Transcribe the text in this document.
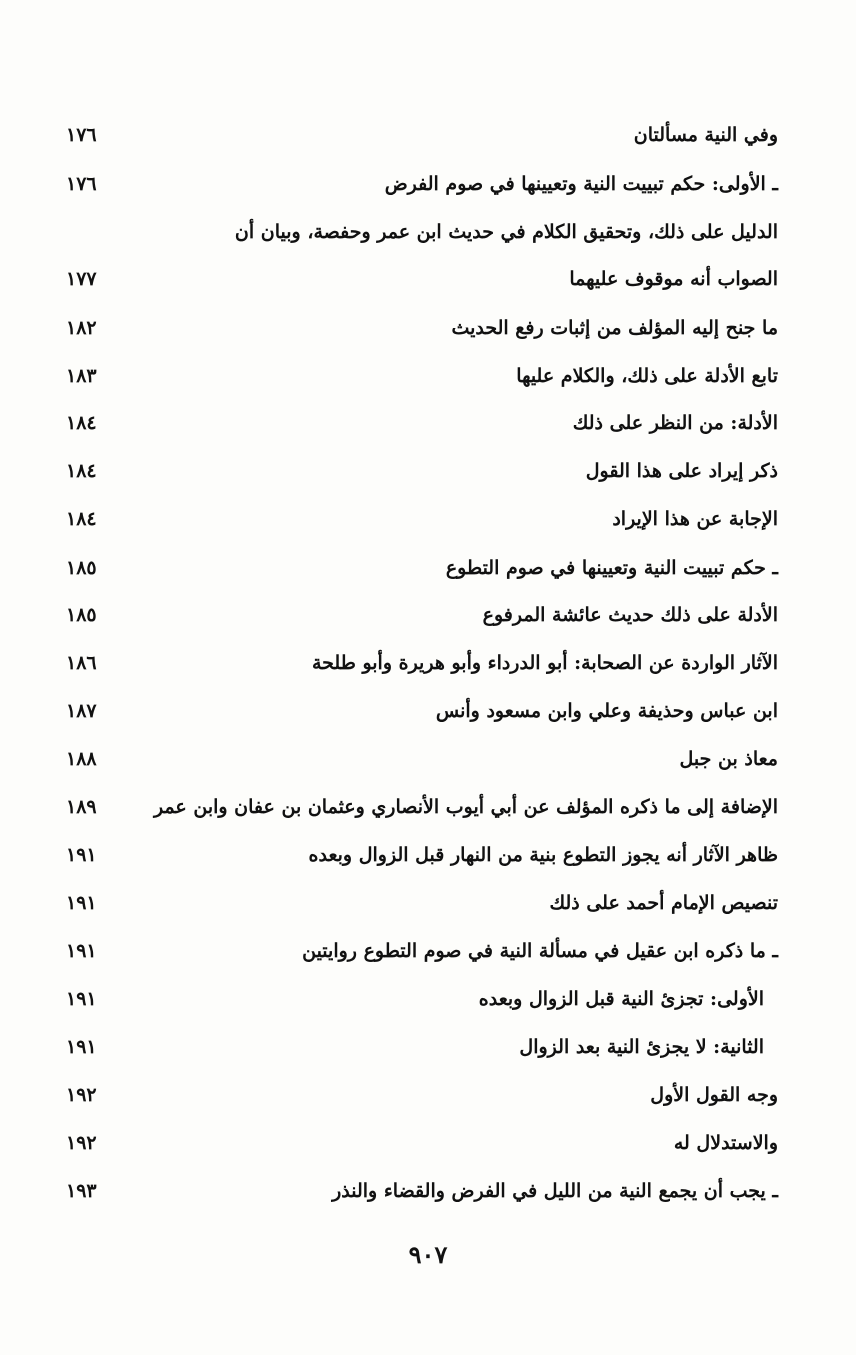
وفي النية مسألتان
١٧٦
ـ الأولى: حكم تبييت النية وتعيينها في صوم الفرض
١٧٦
الدليل على ذلك، وتحقيق الكلام في حديث ابن عمر وحفصة، وبيان أن
الصواب أنه موقوف عليهما
١٧٧
ما جنح إليه المؤلف من إثبات رفع الحديث
١٨٢
تابع الأدلة على ذلك، والكلام عليها
١٨٣
الأدلة: من النظر على ذلك
١٨٤
ذكر إيراد على هذا القول
١٨٤
الإجابة عن هذا الإيراد
١٨٤
ـ حكم تبييت النية وتعيينها في صوم التطوع
١٨٥
الأدلة على ذلك حديث عائشة المرفوع
١٨٥
الآثار الواردة عن الصحابة: أبو الدرداء وأبو هريرة وأبو طلحة
١٨٦
ابن عباس وحذيفة وعلي وابن مسعود وأنس
١٨٧
معاذ بن جبل
١٨٨
الإضافة إلى ما ذكره المؤلف عن أبي أيوب الأنصاري وعثمان بن عفان وابن عمر
١٨٩
ظاهر الآثار أنه يجوز التطوع بنية من النهار قبل الزوال وبعده
١٩١
تنصيص الإمام أحمد على ذلك
١٩١
ـ ما ذكره ابن عقيل في مسألة النية في صوم التطوع روايتين
١٩١
الأولى: تجزئ النية قبل الزوال وبعده
١٩١
الثانية: لا يجزئ النية بعد الزوال
١٩١
وجه القول الأول
١٩٢
والاستدلال له
١٩٢
ـ يجب أن يجمع النية من الليل في الفرض والقضاء والنذر
١٩٣
٩٠٧
